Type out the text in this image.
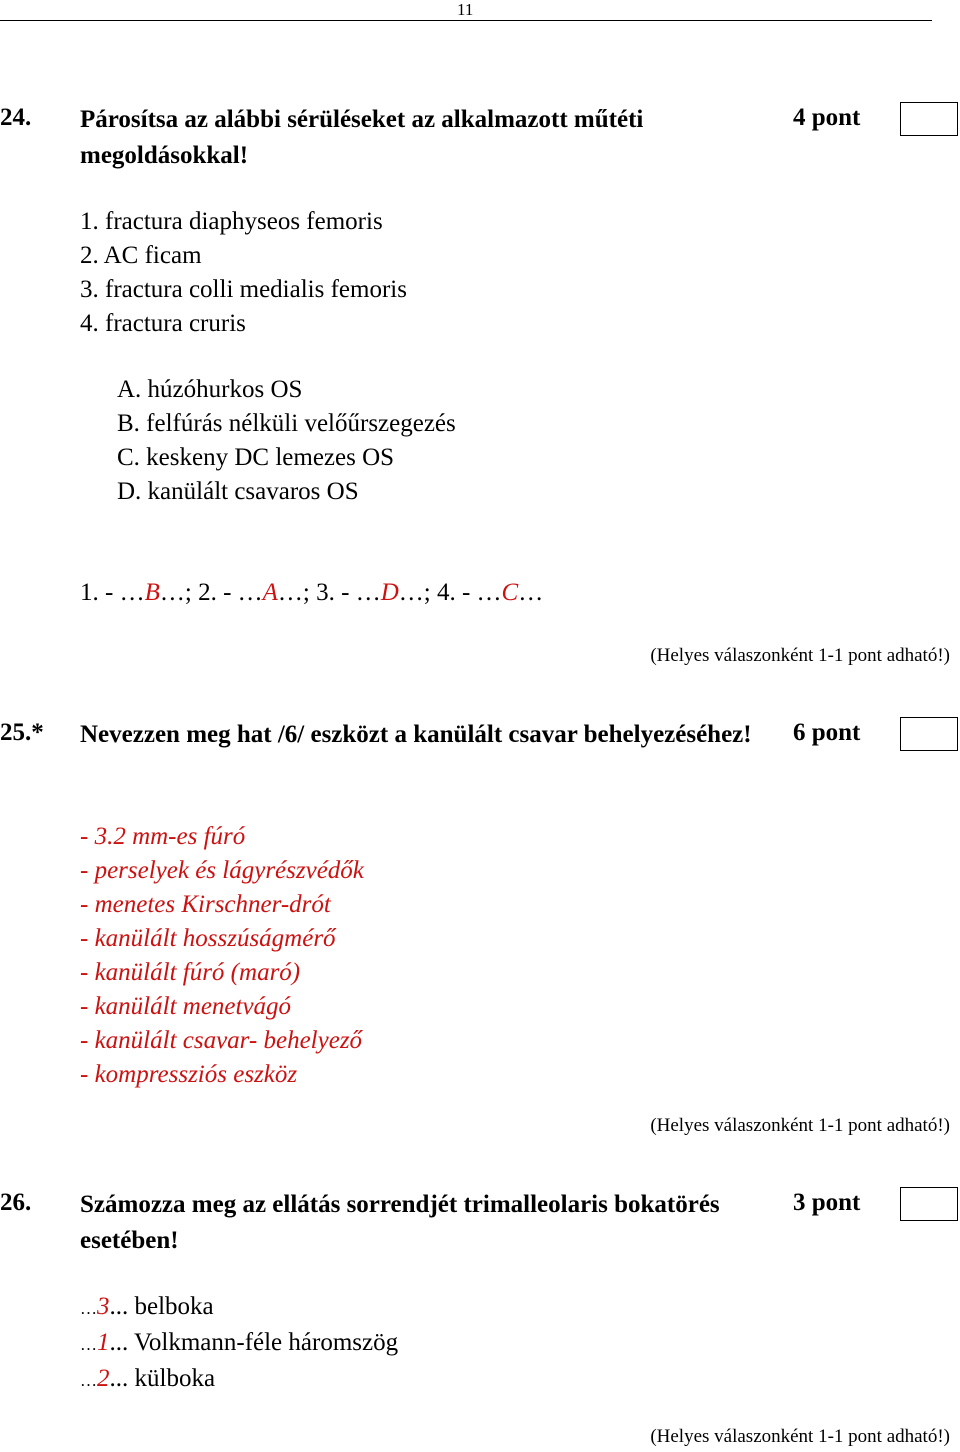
11
24. Párosítsa az alábbi sérüléseket az alkalmazott műtéti megoldásokkal!
4 pont
1. fractura diaphyseos femoris
2. AC ficam
3. fractura colli medialis femoris
4. fractura cruris
A. húzóhurkos OS
B. felfúrás nélküli velőűrszegezés
C. keskeny DC lemezes OS
D. kanülált csavaros OS
1. - …B…; 2. - …A…; 3. - …D…; 4. - …C…
(Helyes válaszonként 1-1 pont adható!)
25.* Nevezzen meg hat /6/ eszközt a kanülált csavar behelyezéséhez!	6 pont
- 3.2 mm-es fúró
- perselyek és lágyrészvédők
- menetes Kirschner-drót
- kanülált hosszúságmérő
- kanülált fúró (maró)
- kanülált menetvágó
- kanülált csavar- behelyező
- kompressziós eszköz
(Helyes válaszonként 1-1 pont adható!)
26. Számozza meg az ellátás sorrendjét trimalleolaris bokatörés esetében!
3 pont
…3... belboka
…1... Volkmann-féle háromszög
…2... külboka
(Helyes válaszonként 1-1 pont adható!)
